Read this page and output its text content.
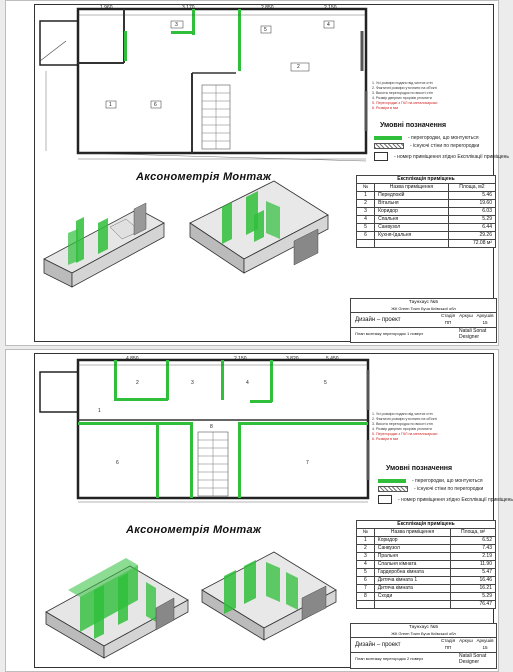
1 960	3 170	2 850	2 150
1
2
3	4
5
6
1. Усі розміри подано від чистих стін
2. Фактичні розміри уточнити на об'єкті
3. Висота перегородок по висоті стін
4. Розмір дверних прорізів уточнити
5. Перегородки з ГКЛ на металокаркасі
6. Розміри в мм
Умовні позначення
- перегородки, що монтуються
- існуючі стіни по перегородки
- номер приміщення згідно Експлікації приміщень
Аксонометрія Монтаж	Експлікація приміщень		
№	Назва приміщення	Площа, м2
1	Передпокій	5.46
2	Вітальня	19.60
3	Коридор	6.03
4	Спальня	5.29
5	Санвузол	6.44
6	Кухня-їдальня	29.26
		72.08 м²
Таунхаус №5
ЖК Green Town Буча Київської обл
Дизайн – проект
Стадія Аркуш Аркушів
ПП	15
План монтажу перегородок 1 поверх	Natali Sonat
Designer
4 850	2 150	3 820	5 450
1
2	3	4	5
6	7
8
1. Усі розміри подано від чистих стін
2. Фактичні розміри уточнити на об'єкті
3. Висота перегородок по висоті стін
4. Розмір дверних прорізів уточнити
5. Перегородки з ГКЛ на металокаркасі
6. Розміри в мм
Умовні позначення
- перегородки, що монтуються
- існуючі стіни по перегородки
- номер приміщення згідно Експлікації приміщень
Аксонометрія Монтаж	Експлікація приміщень		
№	Назва приміщення	Площа, м²
1	Коридор	6.52
2	Санвузол	7.43
3	Пральня	2.19
4	Спальня кімната	11.90
5	Гардеробна кімната	5.47
6	Дитяча кімната 1	16.46
7	Дитяча кімната	16.21
8	Сходи	5.29
		76.47
Таунхаус №5
ЖК Green Town Буча Київської обл
Дизайн – проект
Стадія Аркуш Аркушів
ПП	15
План монтажу перегородок 2 поверх	Natali Sonat
Designer
